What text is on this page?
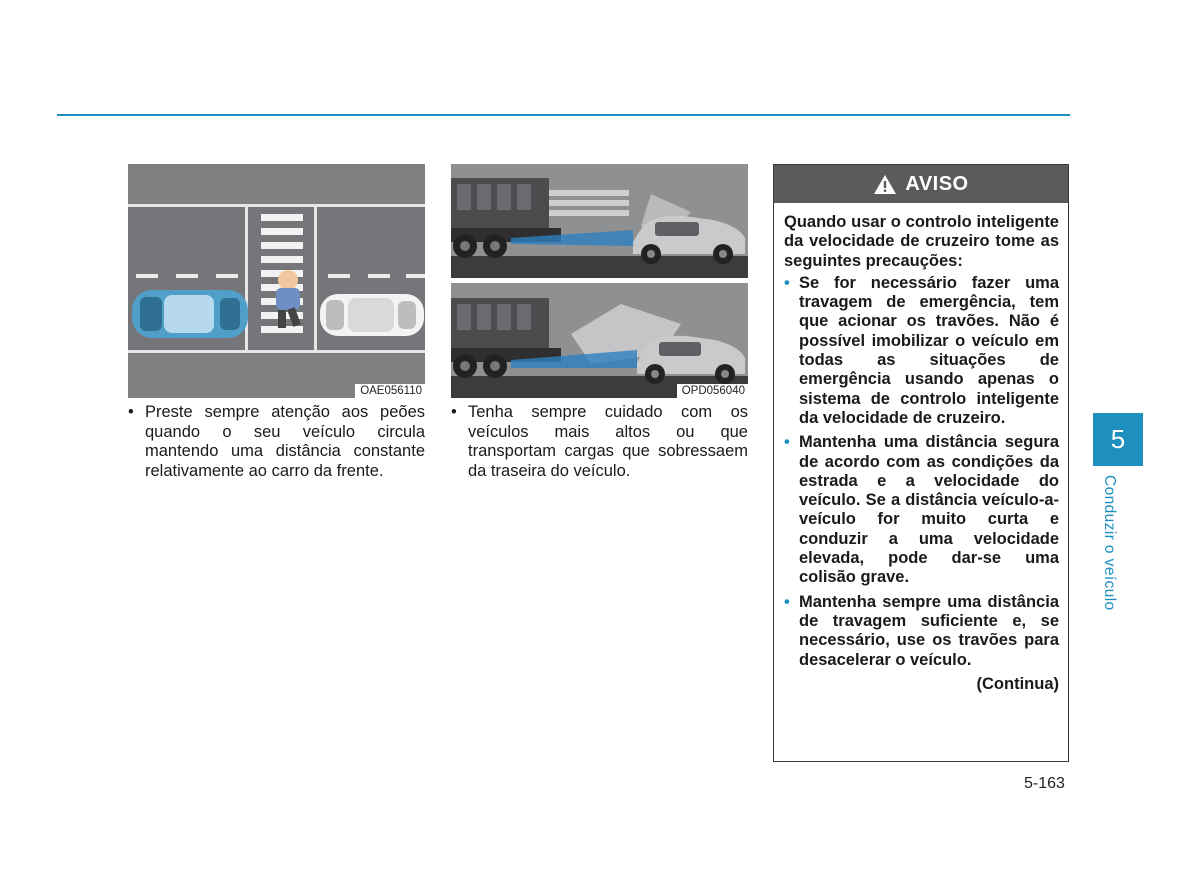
OAE056110	OPD056040
• Preste sempre atenção aos peões quando o seu veículo circula mantendo uma distância constante relativamente ao carro da frente.
• Tenha sempre cuidado com os veículos mais altos ou que transportam cargas que sobressaem da traseira do veículo.
AVISO

Quando usar o controlo inteligente da velocidade de cruzeiro tome as seguintes precauções:

• Se for necessário fazer uma travagem de emergência, tem que acionar os travões. Não é possível imobilizar o veículo em todas as situações de emergência usando apenas o sistema de controlo inteligente da velocidade de cruzeiro.
• Mantenha uma distância segura de acordo com as condições da estrada e a velocidade do veículo. Se a distância veículo-a-veículo for muito curta e conduzir a uma velocidade elevada, pode dar-se uma colisão grave.
• Mantenha sempre uma distância de travagem suficiente e, se necessário, use os travões para desacelerar o veículo.
(Continua)
5
Conduzir o veículo
5-163
